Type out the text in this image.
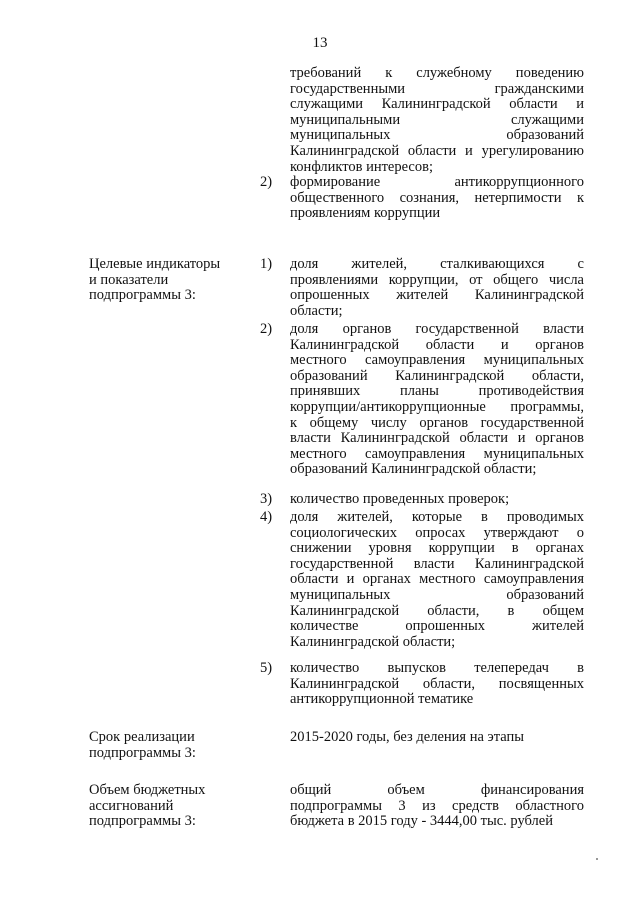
13
требований к служебному поведению
государственными гражданскими
служащими Калининградской области и
муниципальными служащими
муниципальных образований
Калининградской области и урегулированию
конфликтов интересов;
2)	формирование антикоррупционного
общественного сознания, нетерпимости к
проявлениям коррупции
Целевые индикаторы
и показатели
подпрограммы 3:
1)	доля жителей, сталкивающихся с
проявлениями коррупции, от общего числа
опрошенных жителей Калининградской
области;
2)	доля органов государственной власти
Калининградской области и органов
местного самоуправления муниципальных
образований Калининградской области,
принявших планы противодействия
коррупции/антикоррупционные программы,
к общему числу органов государственной
власти Калининградской области и органов
местного самоуправления муниципальных
образований Калининградской области;
3)	количество проведенных проверок;
4)	доля жителей, которые в проводимых
социологических опросах утверждают о
снижении уровня коррупции в органах
государственной власти Калининградской
области и органах местного самоуправления
муниципальных образований
Калининградской области, в общем
количестве опрошенных жителей
Калининградской области;
5)	количество выпусков телепередач в
Калининградской области, посвященных
антикоррупционной тематике
Срок реализации
подпрограммы 3:
2015-2020 годы, без деления на этапы
Объем бюджетных
ассигнований
подпрограммы 3:
общий объем финансирования
подпрограммы 3 из средств областного
бюджета в 2015 году - 3444,00 тыс. рублей
